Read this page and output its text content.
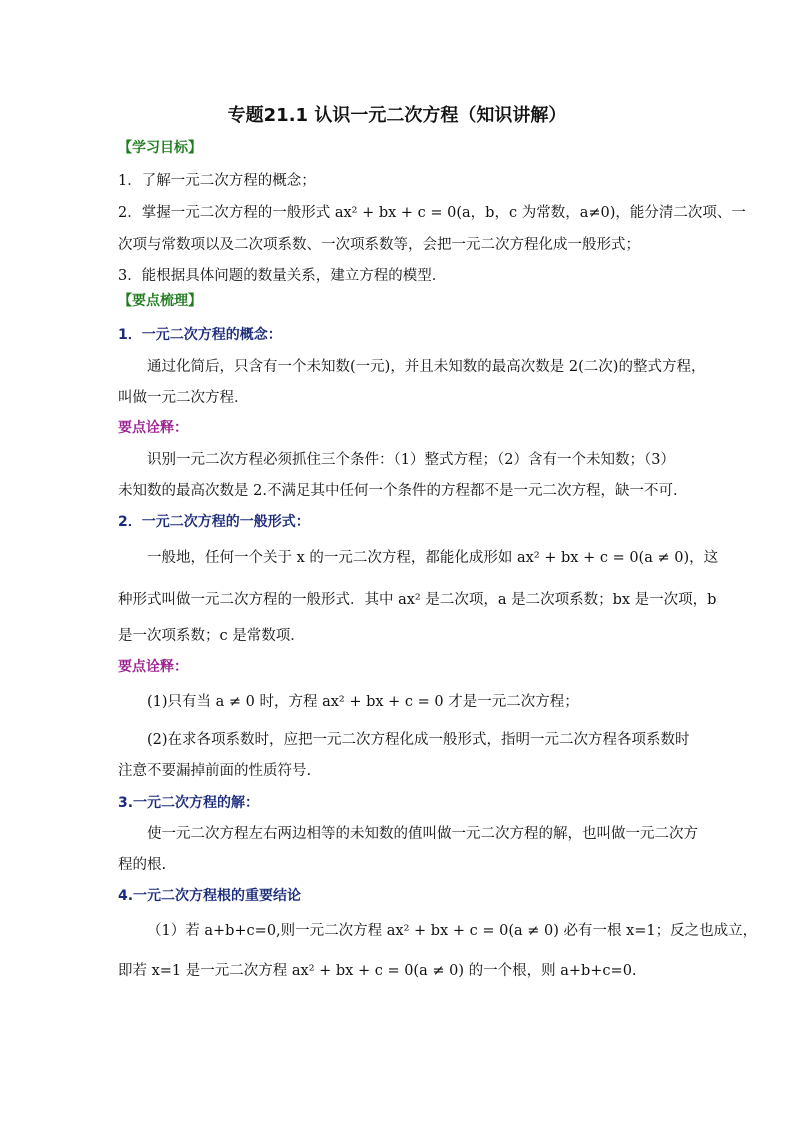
专题21.1 认识一元二次方程（知识讲解）
【学习目标】
1．了解一元二次方程的概念；
2．掌握一元二次方程的一般形式 ax² + bx + c = 0(a，b，c 为常数，a≠0)，能分清二次项、一
次项与常数项以及二次项系数、一次项系数等，会把一元二次方程化成一般形式；
3．能根据具体问题的数量关系，建立方程的模型．
【要点梳理】
1．一元二次方程的概念：
通过化简后，只含有一个未知数(一元)，并且未知数的最高次数是 2(二次)的整式方程，
叫做一元二次方程．
要点诠释：
识别一元二次方程必须抓住三个条件：（1）整式方程；（2）含有一个未知数；（3）
未知数的最高次数是 2.不满足其中任何一个条件的方程都不是一元二次方程，缺一不可.
2．一元二次方程的一般形式：
一般地，任何一个关于 x 的一元二次方程，都能化成形如 ax² + bx + c = 0(a ≠ 0)，这
种形式叫做一元二次方程的一般形式．其中 ax² 是二次项，a 是二次项系数；bx 是一次项，b
是一次项系数；c 是常数项．
要点诠释：
(1)只有当 a ≠ 0 时，方程 ax² + bx + c = 0 才是一元二次方程；
(2)在求各项系数时，应把一元二次方程化成一般形式，指明一元二次方程各项系数时
注意不要漏掉前面的性质符号.
3.一元二次方程的解：
使一元二次方程左右两边相等的未知数的值叫做一元二次方程的解，也叫做一元二次方
程的根.
4.一元二次方程根的重要结论
（1）若 a+b+c=0,则一元二次方程 ax² + bx + c = 0(a ≠ 0) 必有一根 x=1；反之也成立，
即若 x=1 是一元二次方程 ax² + bx + c = 0(a ≠ 0) 的一个根，则 a+b+c=0.
